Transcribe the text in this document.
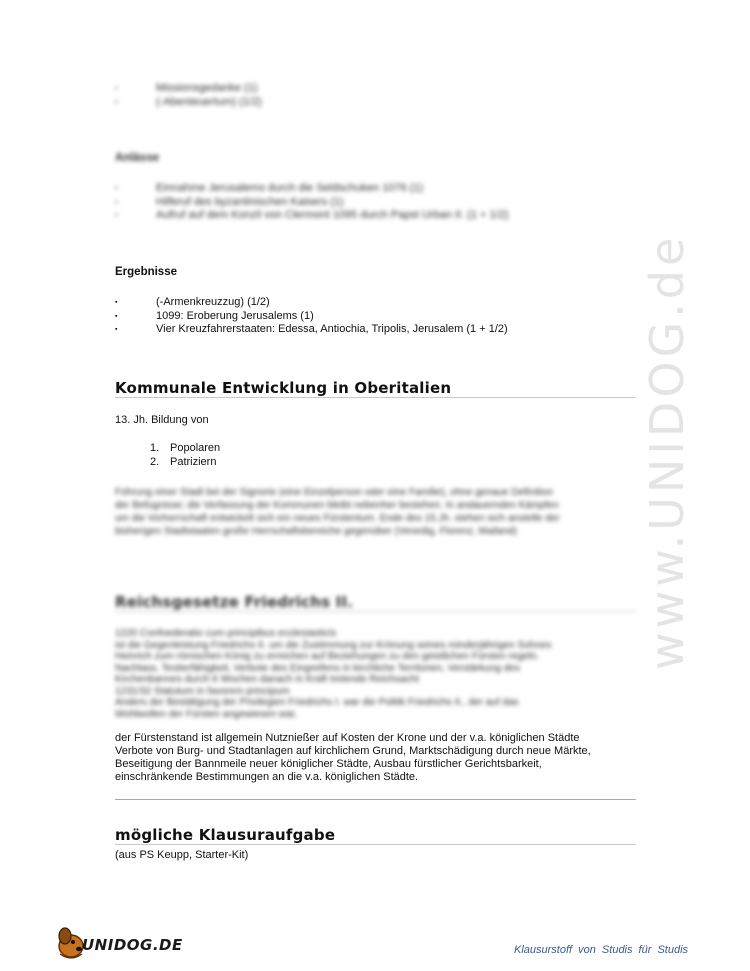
www.UNIDOG.de
▪	Missionsgedanke (1)
▪	(-Abenteuertum) (1/2)
Anlässe
▪	Einnahme Jerusalems durch die Seldschuken 1076 (1)
▪	Hilferuf des byzantinischen Kaisers (1)
▪	Aufruf auf dem Konzil von Clermont 1095 durch Papst Urban II. (1 + 1/2)
Ergebnisse
▪	(-Armenkreuzzug) (1/2)
▪	1099: Eroberung Jerusalems (1)
▪	Vier Kreuzfahrerstaaten: Edessa, Antiochia, Tripolis, Jerusalem (1 + 1/2)
Kommunale Entwicklung in Oberitalien
13. Jh. Bildung von
1. Popolaren
2. Patriziern
Führung einer Stadt bei der Signorie (eine Einzelperson oder eine Familie), ohne genaue Definition
der Befugnisse; die Verfassung der Kommunen bleibt nebenher bestehen. In andauernden Kämpfen
um die Vorherrschaft entwickelt sich ein neues Fürstentum. Ende des 15.Jh. stehen sich anstelle der
bisherigen Stadtstaaten große Herrschaftsbereiche gegenüber (Venedig, Florenz, Mailand)
Reichsgesetze Friedrichs II.
1220 Confoederatio cum principibus ecclesiasticis
ist die Gegenleistung Friedrichs II. um die Zustimmung zur Krönung seines minderjährigen Sohnes
Heinrich zum römischen König zu erreichen auf Beziehungen zu den geistlichen Fürsten regeln.
Nachlass, Testierfähigkeit, Verbote des Eingreifens in kirchliche Territorien, Verstärkung des
Kirchenbannes durch 6 Wochen danach in Kraft tretende Reichsacht
1231/32 Statutum in favorem principum
Anders der Bestätigung der Privilegien Friedrichs I. war die Politik Friedrichs II., der auf das
Wohlwollen der Fürsten angewiesen war,
der Fürstenstand ist allgemein Nutznießer auf Kosten der Krone und der v.a. königlichen Städte
Verbote von Burg- und Stadtanlagen auf kirchlichem Grund, Marktschädigung durch neue Märkte,
Beseitigung der Bannmeile neuer königlicher Städte, Ausbau fürstlicher Gerichtsbarkeit,
einschränkende Bestimmungen an die v.a. königlichen Städte.
mögliche Klausuraufgabe
(aus PS Keupp, Starter-Kit)
UNIDOG.DE	Klausurstoff von Studis für Studis
